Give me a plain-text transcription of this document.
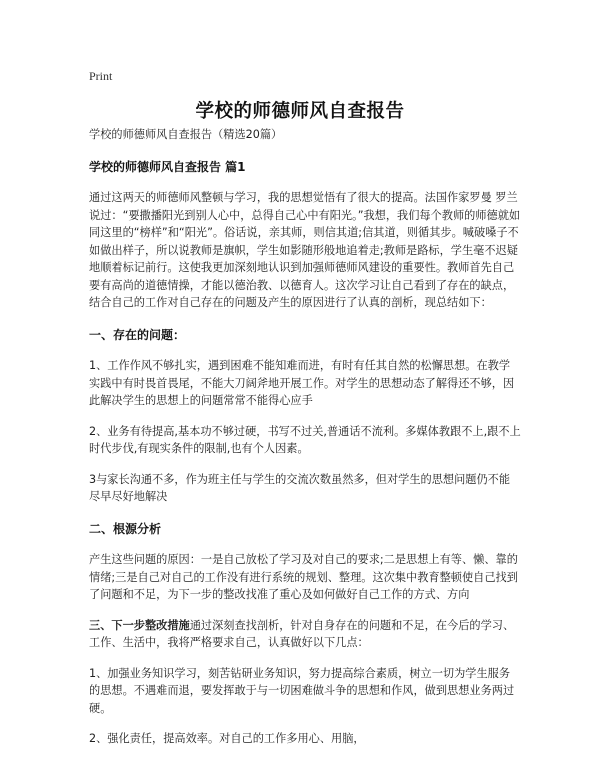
Print
学校的师德师风自查报告

学校的师德师风自查报告（精选20篇）

学校的师德师风自查报告 篇1

通过这两天的师德师风整顿与学习，我的思想觉悟有了很大的提高。法国作家罗曼 罗兰说过：“要撒播阳光到别人心中，总得自己心中有阳光。”我想，我们每个教师的师德就如同这里的“榜样”和“阳光”。俗话说，亲其师，则信其道;信其道，则循其步。喊破嗓子不如做出样子，所以说教师是旗帜，学生如影随形般地追着走;教师是路标，学生毫不迟疑地顺着标记前行。这使我更加深刻地认识到加强师德师风建设的重要性。教师首先自己要有高尚的道德情操，才能以德治教、以德育人。这次学习让自己看到了存在的缺点，结合自己的工作对自己存在的问题及产生的原因进行了认真的剖析，现总结如下：

一、存在的问题：

1、工作作风不够扎实，遇到困难不能知难而进，有时有任其自然的松懈思想。在教学实践中有时畏首畏尾，不能大刀阔斧地开展工作。对学生的思想动态了解得还不够，因此解决学生的思想上的问题常常不能得心应手

2、业务有待提高,基本功不够过硬，书写不过关,普通话不流利。多媒体教跟不上,跟不上时代步伐,有现实条件的限制,也有个人因素。

3与家长沟通不多，作为班主任与学生的交流次数虽然多，但对学生的思想问题仍不能尽早尽好地解决

二、根源分析

产生这些问题的原因：一是自己放松了学习及对自己的要求;二是思想上有等、懒、靠的情绪;三是自己对自己的工作没有进行系统的规划、整理。这次集中教育整顿使自己找到了问题和不足，为下一步的整改找准了重心及如何做好自己工作的方式、方向

三、下一步整改措施通过深刻查找剖析，针对自身存在的问题和不足，在今后的学习、工作、生活中，我将严格要求自己，认真做好以下几点：

1、加强业务知识学习，刻苦钻研业务知识，努力提高综合素质，树立一切为学生服务的思想。不遇难而退，要发挥敢于与一切困难做斗争的思想和作风，做到思想业务两过硬。

2、强化责任，提高效率。对自己的工作多用心、用脑，
